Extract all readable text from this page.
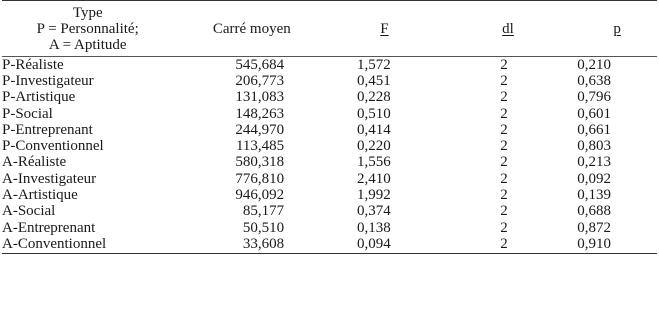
Type
P = Personnalité;
A = Aptitude	Carré moyen	F	dl	p
P-Réaliste	545,684	1,572	2	0,210
P-Investigateur	206,773	0,451	2	0,638
P-Artistique	131,083	0,228	2	0,796
P-Social	148,263	0,510	2	0,601
P-Entreprenant	244,970	0,414	2	0,661
P-Conventionnel	113,485	0,220	2	0,803
A-Réaliste	580,318	1,556	2	0,213
A-Investigateur	776,810	2,410	2	0,092
A-Artistique	946,092	1,992	2	0,139
A-Social	85,177	0,374	2	0,688
A-Entreprenant	50,510	0,138	2	0,872
A-Conventionnel	33,608	0,094	2	0,910
